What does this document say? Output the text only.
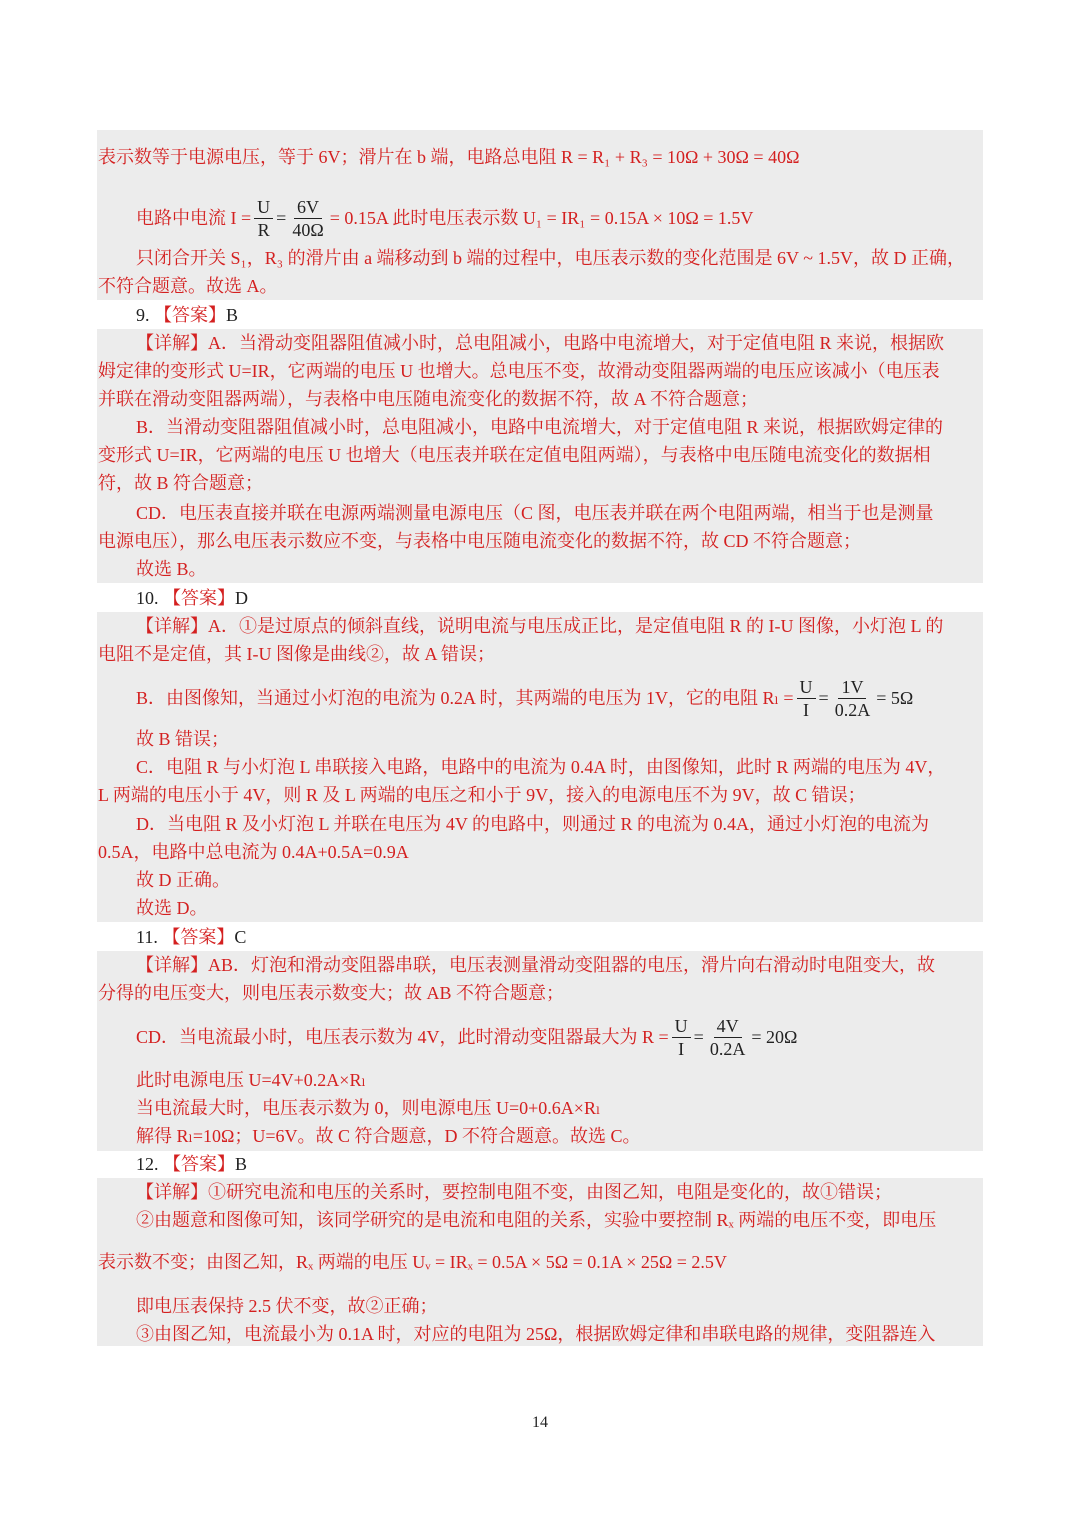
表示数等于电源电压，等于 6V；滑片在 b 端，电路总电阻 R = R₁ + R₃ = 10Ω + 30Ω = 40Ω
电路中电流 $I = \frac{U}{R} = \frac{6V}{40\Omega} = 0.15A$ 此时电压表示数 U₁ = IR₁ = 0.15A × 10Ω = 1.5V
只闭合开关 S₁，R₃ 的滑片由 a 端移动到 b 端的过程中，电压表示数的变化范围是 6V ~ 1.5V，故 D 正确，
不符合题意。故选 A。
9. 【答案】B
【详解】A．当滑动变阻器阻值减小时，总电阻减小，电路中电流增大，对于定值电阻 R 来说，根据欧
姆定律的变形式 U=IR，它两端的电压 U 也增大。总电压不变，故滑动变阻器两端的电压应该减小（电压表
并联在滑动变阻器两端），与表格中电压随电流变化的数据不符，故 A 不符合题意；
B．当滑动变阻器阻值减小时，总电阻减小，电路中电流增大，对于定值电阻 R 来说，根据欧姆定律的
变形式 U=IR，它两端的电压 U 也增大（电压表并联在定值电阻两端），与表格中电压随电流变化的数据相
符，故 B 符合题意；
CD．电压表直接并联在电源两端测量电源电压（C 图，电压表并联在两个电阻两端，相当于也是测量
电源电压），那么电压表示数应不变，与表格中电压随电流变化的数据不符，故 CD 不符合题意；
故选 B。
10. 【答案】D
【详解】A．①是过原点的倾斜直线，说明电流与电压成正比，是定值电阻 R 的 I-U 图像，小灯泡 L 的
电阻不是定值，其 I-U 图像是曲线②，故 A 错误；
B．由图像知，当通过小灯泡的电流为 0.2A 时，其两端的电压为 1V，它的电阻 $R_l = \frac{U}{I} = \frac{1V}{0.2A} = 5\Omega$
故 B 错误；
C．电阻 R 与小灯泡 L 串联接入电路，电路中的电流为 0.4A 时，由图像知，此时 R 两端的电压为 4V，
L 两端的电压小于 4V，则 R 及 L 两端的电压之和小于 9V，接入的电源电压不为 9V，故 C 错误；
D．当电阻 R 及小灯泡 L 并联在电压为 4V 的电路中，则通过 R 的电流为 0.4A，通过小灯泡的电流为
0.5A，电路中总电流为 0.4A+0.5A=0.9A
故 D 正确。
故选 D。
11. 【答案】C
【详解】AB．灯泡和滑动变阻器串联，电压表测量滑动变阻器的电压，滑片向右滑动时电阻变大，故
分得的电压变大，则电压表示数变大；故 AB 不符合题意；
CD．当电流最小时，电压表示数为 4V，此时滑动变阻器最大为 $R = \frac{U}{I} = \frac{4V}{0.2A} = 20\Omega$
此时电源电压 U=4V+0.2A×Rₗ
当电流最大时，电压表示数为 0，则电源电压 U=0+0.6A×Rₗ
解得 Rₗ=10Ω；U=6V。故 C 符合题意，D 不符合题意。故选 C。
12. 【答案】B
【详解】①研究电流和电压的关系时，要控制电阻不变，由图乙知，电阻是变化的，故①错误；
②由题意和图像可知，该同学研究的是电流和电阻的关系，实验中要控制 Rₓ 两端的电压不变，即电压
表示数不变；由图乙知，Rₓ 两端的电压 Uᵥ = IRₓ = 0.5A × 5Ω = 0.1A × 25Ω = 2.5V
即电压表保持 2.5 伏不变，故②正确；
③由图乙知，电流最小为 0.1A 时，对应的电阻为 25Ω，根据欧姆定律和串联电路的规律，变阻器连入
14
